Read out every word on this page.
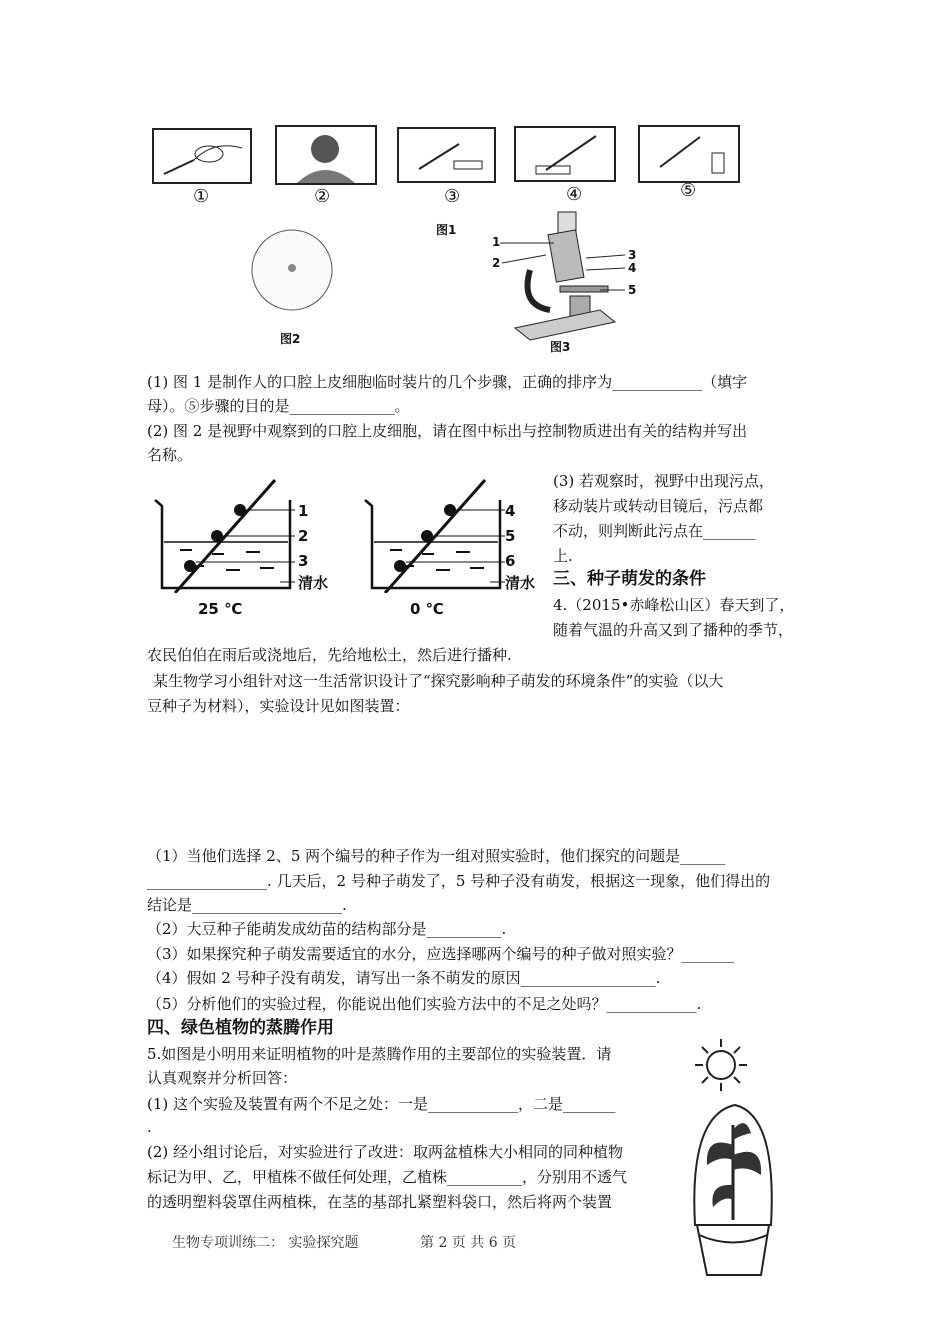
①	②	③	④	⑤
图1
图2
1
2
3
4
5
图3
(1) 图 1 是制作人的口腔上皮细胞临时装片的几个步骤，正确的排序为____________（填字
母）。⑤步骤的目的是______________。
(2) 图 2 是视野中观察到的口腔上皮细胞，请在图中标出与控制物质进出有关的结构并写出
名称。
1
2
3
清水
25 ℃
4
5
6
清水
0 ℃
(3) 若观察时，视野中出现污点，
移动装片或转动目镜后，污点都
不动，则判断此污点在_______
上.
三、种子萌发的条件
4.（2015•赤峰松山区）春天到了，
随着气温的升高又到了播种的季节，
农民伯伯在雨后或浇地后，先给地松土，然后进行播种.
某生物学习小组针对这一生活常识设计了“探究影响种子萌发的环境条件”的实验（以大
豆种子为材料），实验设计见如图装置：
（1）当他们选择 2、5 两个编号的种子作为一组对照实验时，他们探究的问题是______
________________. 几天后，2 号种子萌发了，5 号种子没有萌发，根据这一现象，他们得出的
结论是____________________.
（2）大豆种子能萌发成幼苗的结构部分是__________.
（3）如果探究种子萌发需要适宜的水分，应选择哪两个编号的种子做对照实验？_______
（4）假如 2 号种子没有萌发，请写出一条不萌发的原因__________________.
（5）分析他们的实验过程，你能说出他们实验方法中的不足之处吗？____________.
四、绿色植物的蒸腾作用
5.如图是小明用来证明植物的叶是蒸腾作用的主要部位的实验装置．请
认真观察并分析回答：
(1) 这个实验及装置有两个不足之处：一是____________，二是_______
.
(2) 经小组讨论后，对实验进行了改进：取两盆植株大小相同的同种植物
标记为甲、乙，甲植株不做任何处理，乙植株__________，分别用不透气
的透明塑料袋罩住两植株，在茎的基部扎紧塑料袋口，然后将两个装置
生物专项训练二： 实验探究题	第 2 页 共 6 页
